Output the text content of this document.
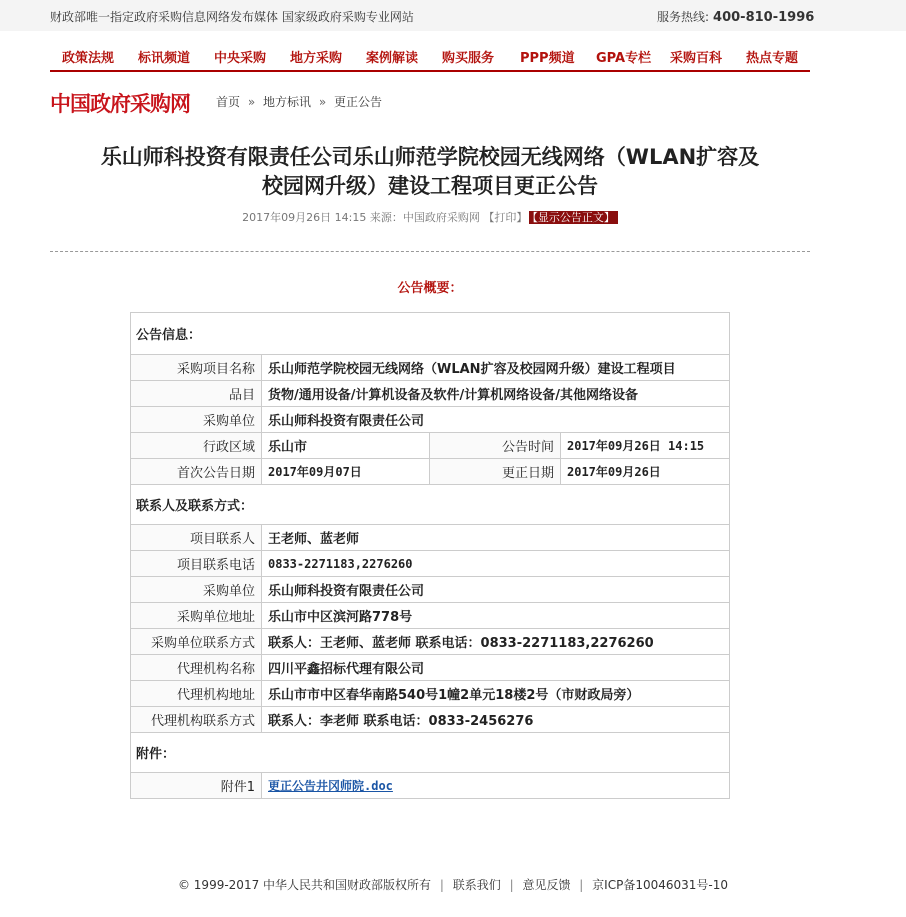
财政部唯一指定政府采购信息网络发布媒体 国家级政府采购专业网站	服务热线: 400-810-1996
政策法规 标讯频道 中央采购 地方采购 案例解读 购买服务 PPP频道 GPA专栏 采购百科 热点专题
中国政府采购网 首页 » 地方标讯 » 更正公告
乐山师科投资有限责任公司乐山师范学院校园无线网络（WLAN扩容及
校园网升级）建设工程项目更正公告
2017年09月26日 14:15 来源：中国政府采购网 【打印】 【显示公告正文】
公告概要：
公告信息：			
采购项目名称	乐山师范学院校园无线网络（WLAN扩容及校园网升级）建设工程项目		
品目	货物/通用设备/计算机设备及软件/计算机网络设备/其他网络设备		
采购单位	乐山师科投资有限责任公司		
行政区域	乐山市	公告时间	2017年09月26日 14:15
首次公告日期	2017年09月07日	更正日期	2017年09月26日
联系人及联系方式：			
项目联系人	王老师、蓝老师		
项目联系电话	0833-2271183,2276260		
采购单位	乐山师科投资有限责任公司		
采购单位地址	乐山市中区滨河路778号		
采购单位联系方式	联系人：王老师、蓝老师 联系电话：0833-2271183,2276260		
代理机构名称	四川平鑫招标代理有限公司		
代理机构地址	乐山市市中区春华南路540号1幢2单元18楼2号（市财政局旁）		
代理机构联系方式	联系人：李老师 联系电话：0833-2456276		
附件：			
附件1	更正公告井冈师院.doc		
© 1999-2017 中华人民共和国财政部版权所有 | 联系我们 | 意见反馈 | 京ICP备10046031号-10
